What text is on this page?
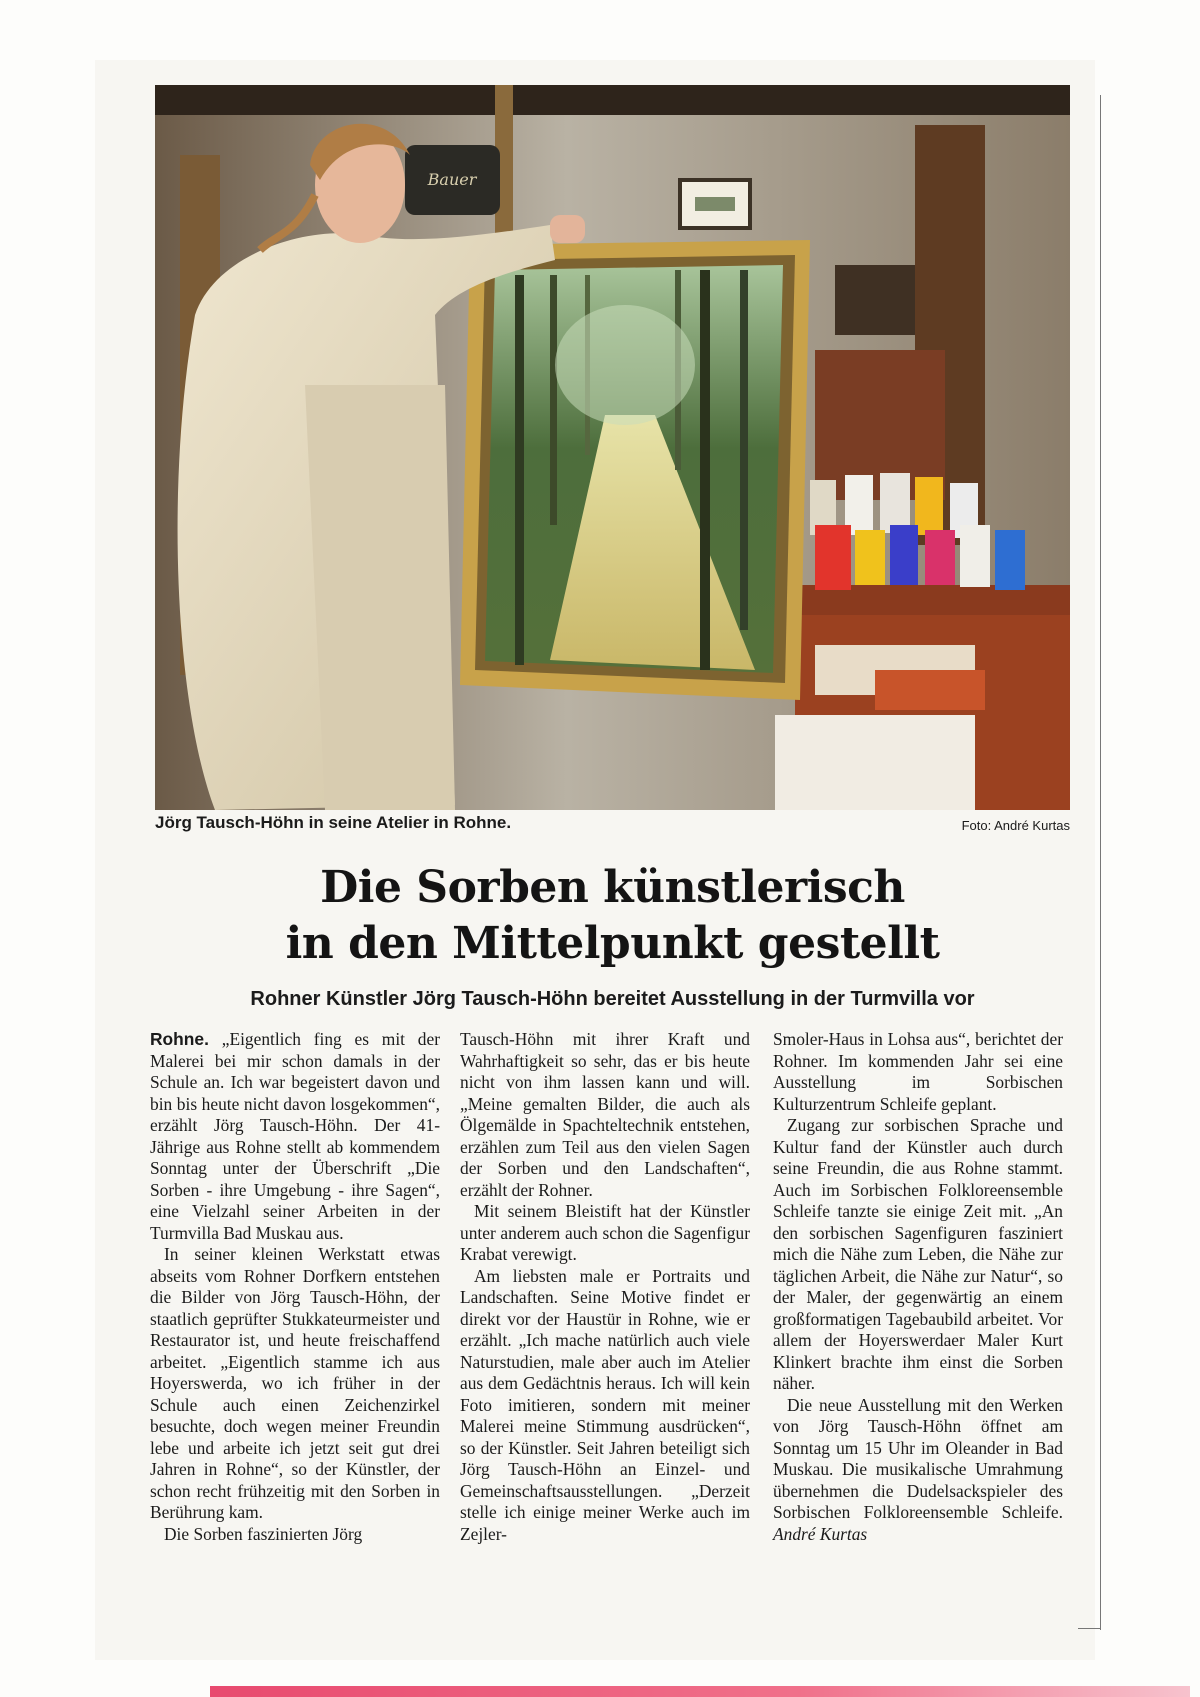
Bauer
Jörg Tausch-Höhn in seine Atelier in Rohne.	Foto: André Kurtas
Die Sorben künstlerisch
in den Mittelpunkt gestellt
Rohner Künstler Jörg Tausch-Höhn bereitet Ausstellung in der Turmvilla vor

Rohne. „Eigentlich fing es mit der Malerei bei mir schon damals in der Schule an. Ich war begeistert davon und bin bis heute nicht davon losgekommen“, erzählt Jörg Tausch-Höhn. Der 41-Jährige aus Rohne stellt ab kommendem Sonntag unter der Überschrift „Die Sorben - ihre Umgebung - ihre Sagen“, eine Vielzahl seiner Arbeiten in der Turmvilla Bad Muskau aus.

In seiner kleinen Werkstatt etwas abseits vom Rohner Dorfkern entstehen die Bilder von Jörg Tausch-Höhn, der staatlich geprüfter Stukkateurmeister und Restaurator ist, und heute freischaffend arbeitet. „Eigentlich stamme ich aus Hoyerswerda, wo ich früher in der Schule auch einen Zeichenzirkel besuchte, doch wegen meiner Freundin lebe und arbeite ich jetzt seit gut drei Jahren in Rohne“, so der Künstler, der schon recht frühzeitig mit den Sorben in Berührung kam.

Die Sorben faszinierten Jörg

Tausch-Höhn mit ihrer Kraft und Wahrhaftigkeit so sehr, das er bis heute nicht von ihm lassen kann und will. „Meine gemalten Bilder, die auch als Ölgemälde in Spachteltechnik entstehen, erzählen zum Teil aus den vielen Sagen der Sorben und den Landschaften“, erzählt der Rohner.

Mit seinem Bleistift hat der Künstler unter anderem auch schon die Sagenfigur Krabat verewigt.

Am liebsten male er Portraits und Landschaften. Seine Motive findet er direkt vor der Haustür in Rohne, wie er erzählt. „Ich mache natürlich auch viele Naturstudien, male aber auch im Atelier aus dem Gedächtnis heraus. Ich will kein Foto imitieren, sondern mit meiner Malerei meine Stimmung ausdrücken“, so der Künstler. Seit Jahren beteiligt sich Jörg Tausch-Höhn an Einzel- und Gemeinschaftsausstellungen. „Derzeit stelle ich einige meiner Werke auch im Zejler-

Smoler-Haus in Lohsa aus“, berichtet der Rohner. Im kommenden Jahr sei eine Ausstellung im Sorbischen Kulturzentrum Schleife geplant.

Zugang zur sorbischen Sprache und Kultur fand der Künstler auch durch seine Freundin, die aus Rohne stammt. Auch im Sorbischen Folkloreensemble Schleife tanzte sie einige Zeit mit. „An den sorbischen Sagenfiguren fasziniert mich die Nähe zum Leben, die Nähe zur täglichen Arbeit, die Nähe zur Natur“, so der Maler, der gegenwärtig an einem großformatigen Tagebaubild arbeitet. Vor allem der Hoyerswerdaer Maler Kurt Klinkert brachte ihm einst die Sorben näher.

Die neue Ausstellung mit den Werken von Jörg Tausch-Höhn öffnet am Sonntag um 15 Uhr im Oleander in Bad Muskau. Die musikalische Umrahmung übernehmen die Dudelsackspieler des Sorbischen Folkloreensemble Schleife. André Kurtas
